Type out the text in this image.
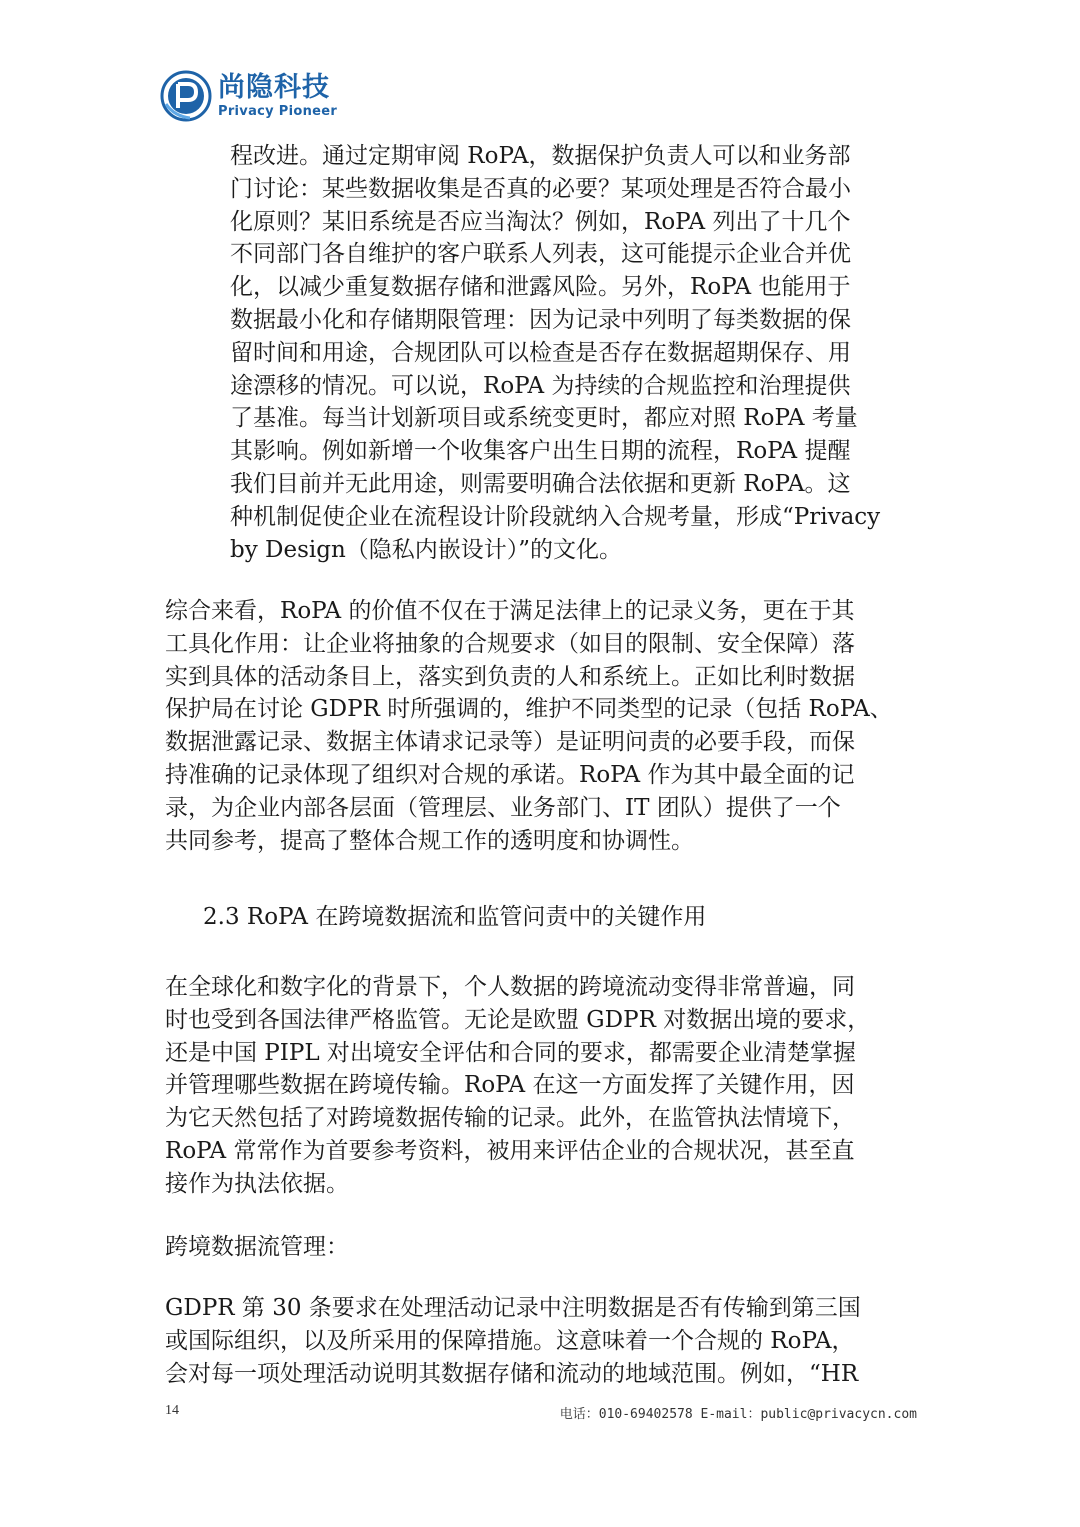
尚隐科技
Privacy Pioneer
程改进。通过定期审阅 RoPA，数据保护负责人可以和业务部
门讨论：某些数据收集是否真的必要？某项处理是否符合最小
化原则？某旧系统是否应当淘汰？例如，RoPA 列出了十几个
不同部门各自维护的客户联系人列表，这可能提示企业合并优
化，以减少重复数据存储和泄露风险。另外，RoPA 也能用于
数据最小化和存储期限管理：因为记录中列明了每类数据的保
留时间和用途，合规团队可以检查是否存在数据超期保存、用
途漂移的情况。可以说，RoPA 为持续的合规监控和治理提供
了基准。每当计划新项目或系统变更时，都应对照 RoPA 考量
其影响。例如新增一个收集客户出生日期的流程，RoPA 提醒
我们目前并无此用途，则需要明确合法依据和更新 RoPA。这
种机制促使企业在流程设计阶段就纳入合规考量，形成“Privacy
by Design（隐私内嵌设计）”的文化。
综合来看，RoPA 的价值不仅在于满足法律上的记录义务，更在于其
工具化作用：让企业将抽象的合规要求（如目的限制、安全保障）落
实到具体的活动条目上，落实到负责的人和系统上。正如比利时数据
保护局在讨论 GDPR 时所强调的，维护不同类型的记录（包括 RoPA、
数据泄露记录、数据主体请求记录等）是证明问责的必要手段，而保
持准确的记录体现了组织对合规的承诺。RoPA 作为其中最全面的记
录，为企业内部各层面（管理层、业务部门、IT 团队）提供了一个
共同参考，提高了整体合规工作的透明度和协调性。
2.3 RoPA 在跨境数据流和监管问责中的关键作用
在全球化和数字化的背景下，个人数据的跨境流动变得非常普遍，同
时也受到各国法律严格监管。无论是欧盟 GDPR 对数据出境的要求，
还是中国 PIPL 对出境安全评估和合同的要求，都需要企业清楚掌握
并管理哪些数据在跨境传输。RoPA 在这一方面发挥了关键作用，因
为它天然包括了对跨境数据传输的记录。此外，在监管执法情境下，
RoPA 常常作为首要参考资料，被用来评估企业的合规状况，甚至直
接作为执法依据。
跨境数据流管理：
GDPR 第 30 条要求在处理活动记录中注明数据是否有传输到第三国
或国际组织，以及所采用的保障措施。这意味着一个合规的 RoPA，
会对每一项处理活动说明其数据存储和流动的地域范围。例如，“HR
14	电话：010-69402578 E-mail：public@privacycn.com
